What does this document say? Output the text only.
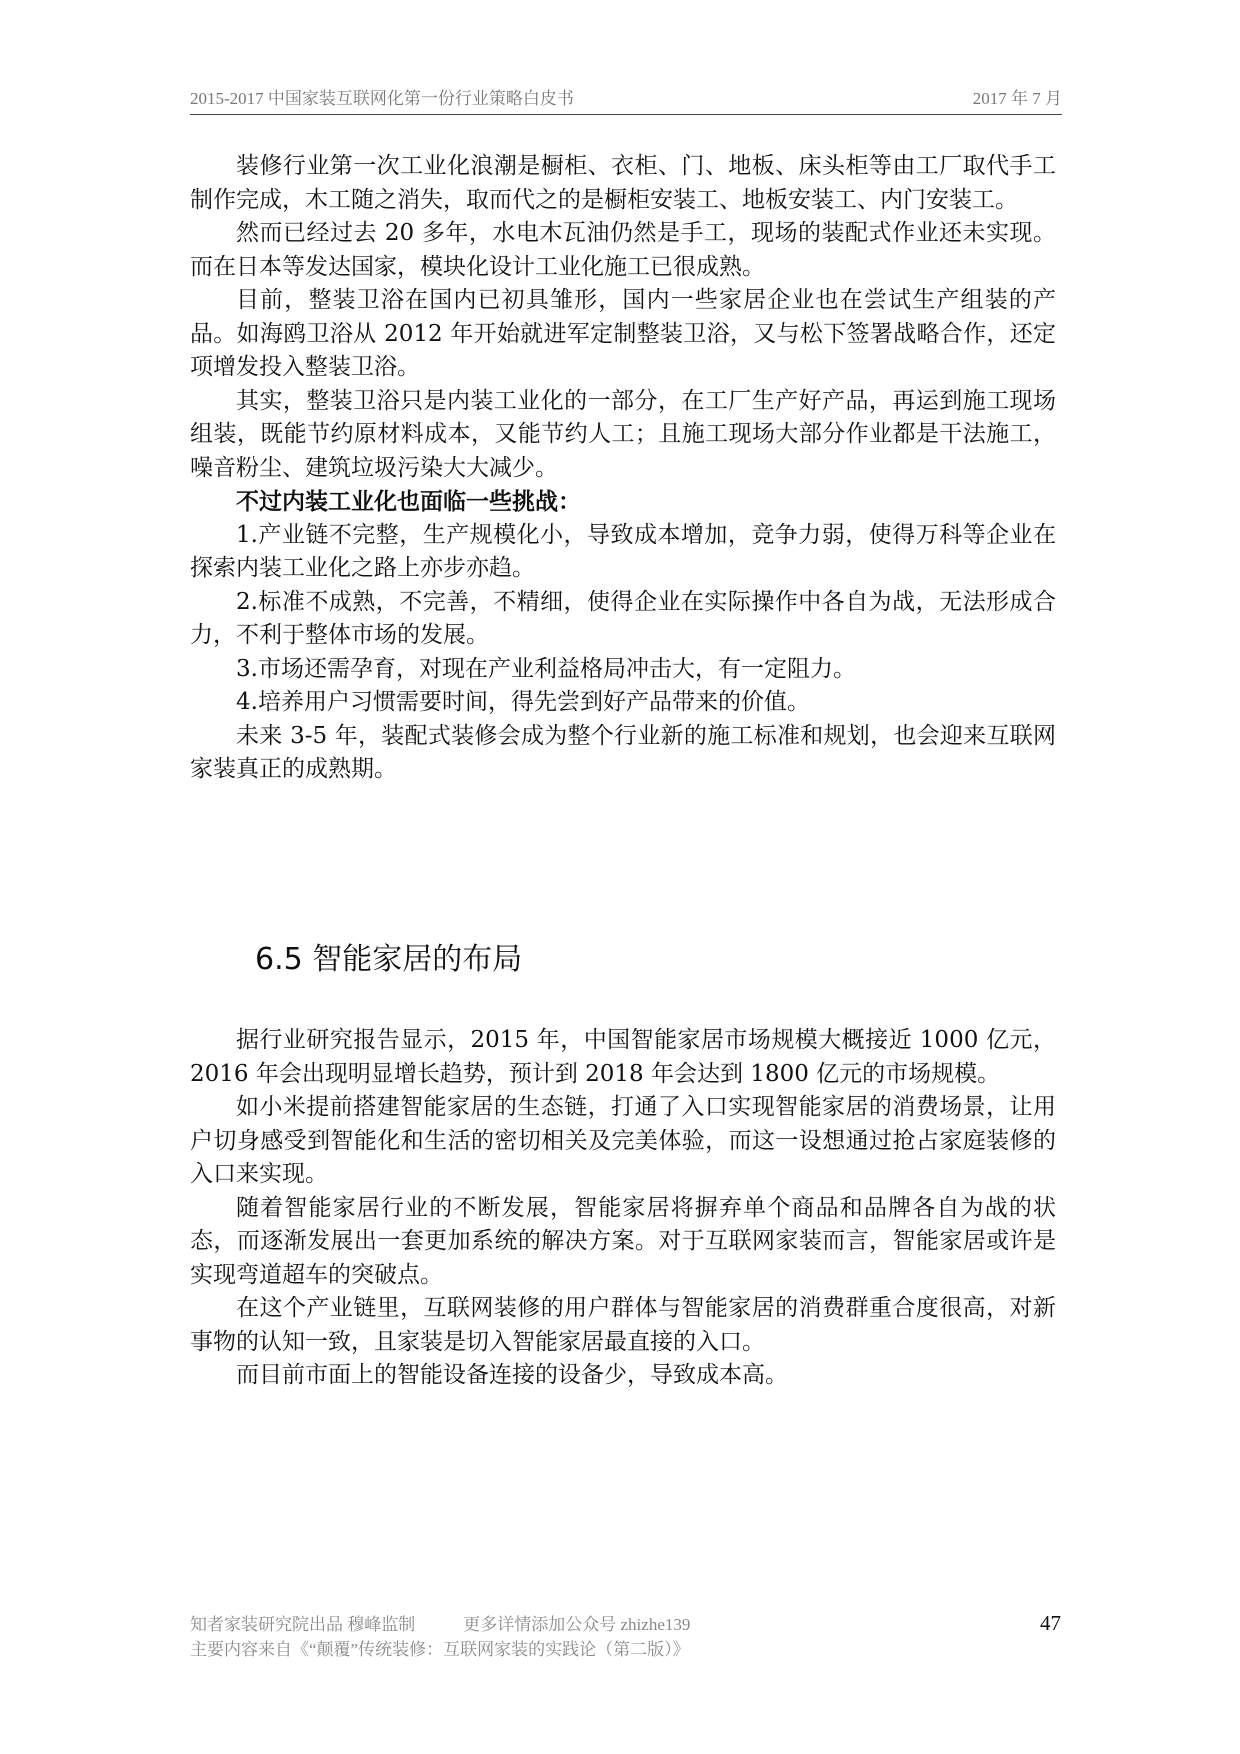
2015-2017 中国家装互联网化第一份行业策略白皮书	2017 年 7 月

装修行业第一次工业化浪潮是橱柜、衣柜、门、地板、床头柜等由工厂取代手工制作完成，木工随之消失，取而代之的是橱柜安装工、地板安装工、内门安装工。

然而已经过去 20 多年，水电木瓦油仍然是手工，现场的装配式作业还未实现。而在日本等发达国家，模块化设计工业化施工已很成熟。

目前，整装卫浴在国内已初具雏形，国内一些家居企业也在尝试生产组装的产品。如海鸥卫浴从 2012 年开始就进军定制整装卫浴，又与松下签署战略合作，还定项增发投入整装卫浴。

其实，整装卫浴只是内装工业化的一部分，在工厂生产好产品，再运到施工现场组装，既能节约原材料成本，又能节约人工；且施工现场大部分作业都是干法施工，噪音粉尘、建筑垃圾污染大大减少。

不过内装工业化也面临一些挑战：

1.产业链不完整，生产规模化小，导致成本增加，竞争力弱，使得万科等企业在探索内装工业化之路上亦步亦趋。

2.标准不成熟，不完善，不精细，使得企业在实际操作中各自为战，无法形成合力，不利于整体市场的发展。

3.市场还需孕育，对现在产业利益格局冲击大，有一定阻力。

4.培养用户习惯需要时间，得先尝到好产品带来的价值。

未来 3-5 年，装配式装修会成为整个行业新的施工标准和规划，也会迎来互联网家装真正的成熟期。

6.5 智能家居的布局

据行业研究报告显示，2015 年，中国智能家居市场规模大概接近 1000 亿元，2016 年会出现明显增长趋势，预计到 2018 年会达到 1800 亿元的市场规模。

如小米提前搭建智能家居的生态链，打通了入口实现智能家居的消费场景，让用户切身感受到智能化和生活的密切相关及完美体验，而这一设想通过抢占家庭装修的入口来实现。

随着智能家居行业的不断发展，智能家居将摒弃单个商品和品牌各自为战的状态，而逐渐发展出一套更加系统的解决方案。对于互联网家装而言，智能家居或许是实现弯道超车的突破点。

在这个产业链里，互联网装修的用户群体与智能家居的消费群重合度很高，对新事物的认知一致，且家装是切入智能家居最直接的入口。

而目前市面上的智能设备连接的设备少，导致成本高。

知者家装研究院出品 穆峰监制	更多详情添加公众号 zhizhe139
主要内容来自《“颠覆”传统装修：互联网家装的实践论（第二版）》
47
